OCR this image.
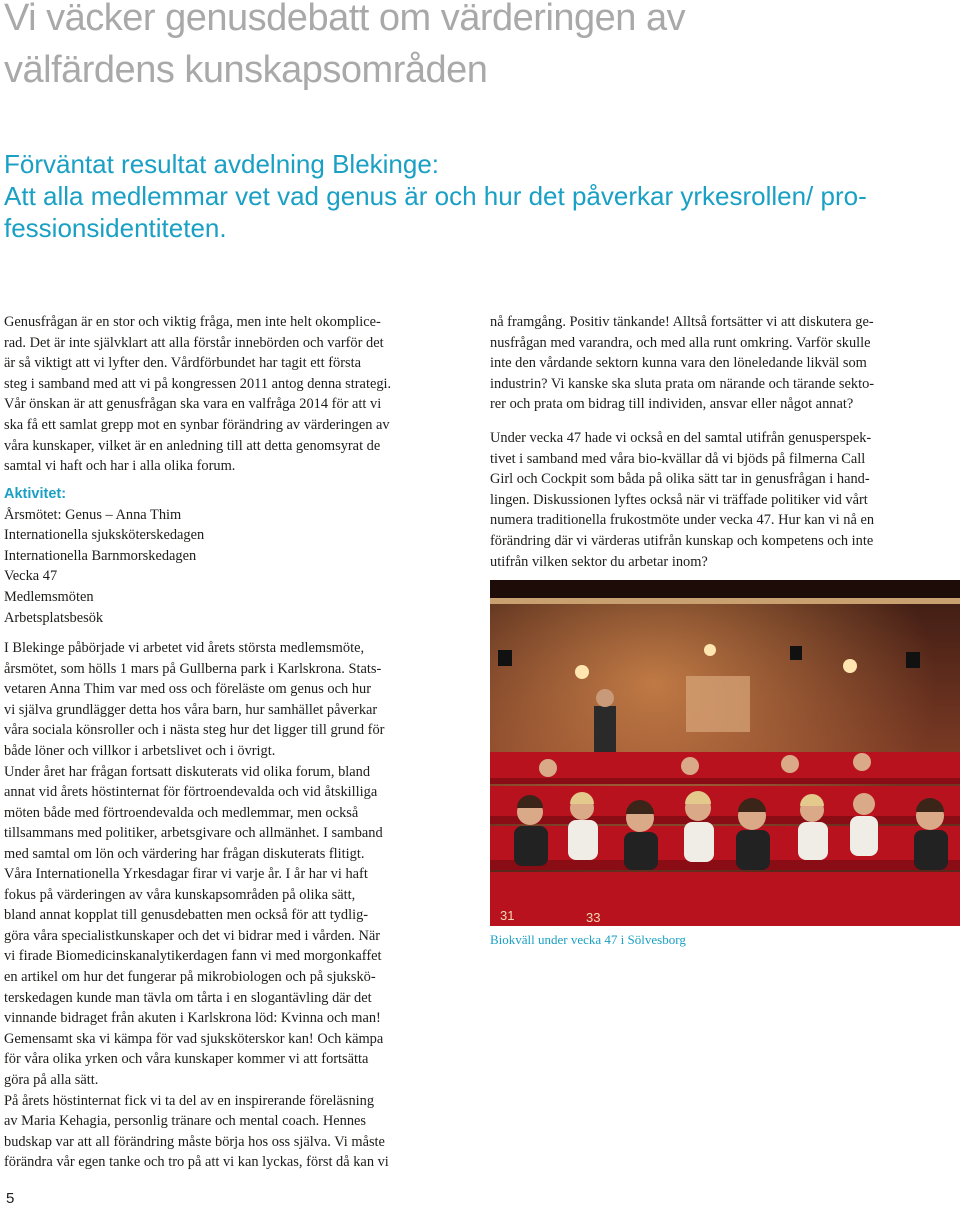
Vi väcker genusdebatt om värderingen av
välfärdens kunskapsområden
Förväntat resultat avdelning Blekinge:
Att alla medlemmar vet vad genus är och hur det påverkar yrkesrollen/ pro-
fessionsidentiteten.
Genusfrågan är en stor och viktig fråga, men inte helt okomplice-
rad. Det är inte självklart att alla förstår innebörden och varför det
är så viktigt att vi lyfter den. Vårdförbundet har tagit ett första
steg i samband med att vi på kongressen 2011 antog denna strategi.
Vår önskan är att genusfrågan ska vara en valfråga 2014 för att vi
ska få ett samlat grepp mot en synbar förändring av värderingen av
våra kunskaper, vilket är en anledning till att detta genomsyrat de
samtal vi haft och har i alla olika forum.
Aktivitet:
Årsmötet: Genus – Anna Thim
Internationella sjuksköterskedagen
Internationella Barnmorskedagen
Vecka 47
Medlemsmöten
Arbetsplatsbesök
I Blekinge påbörjade vi arbetet vid årets största medlemsmöte,
årsmötet, som hölls 1 mars på Gullberna park i Karlskrona. Stats-
vetaren Anna Thim var med oss och föreläste om genus och hur
vi själva grundlägger detta hos våra barn, hur samhället påverkar
våra sociala könsroller och i nästa steg hur det ligger till grund för
både löner och villkor i arbetslivet och i övrigt.
Under året har frågan fortsatt diskuterats vid olika forum, bland
annat vid årets höstinternat för förtroendevalda och vid åtskilliga
möten både med förtroendevalda och medlemmar, men också
tillsammans med politiker, arbetsgivare och allmänhet. I samband
med samtal om lön och värdering har frågan diskuterats flitigt.
Våra Internationella Yrkesdagar firar vi varje år. I år har vi haft
fokus på värderingen av våra kunskapsområden på olika sätt,
bland annat kopplat till genusdebatten men också för att tydlig-
göra våra specialistkunskaper och det vi bidrar med i vården. När
vi firade Biomedicinskanalytikerdagen fann vi med morgonkaffet
en artikel om hur det fungerar på mikrobiologen och på sjukskö-
terskedagen kunde man tävla om tårta i en slogantävling där det
vinnande bidraget från akuten i Karlskrona löd: Kvinna och man!
Gemensamt ska vi kämpa för vad sjuksköterskor kan! Och kämpa
för våra olika yrken och våra kunskaper kommer vi att fortsätta
göra på alla sätt.
På årets höstinternat fick vi ta del av en inspirerande föreläsning
av Maria Kehagia, personlig tränare och mental coach. Hennes
budskap var att all förändring måste börja hos oss själva. Vi måste
förändra vår egen tanke och tro på att vi kan lyckas, först då kan vi
nå framgång. Positiv tänkande! Alltså fortsätter vi att diskutera ge-
nusfrågan med varandra, och med alla runt omkring. Varför skulle
inte den vårdande sektorn kunna vara den löneledande likväl som
industrin? Vi kanske ska sluta prata om närande och tärande sekto-
rer och prata om bidrag till individen, ansvar eller något annat?
Under vecka 47 hade vi också en del samtal utifrån genusperspek-
tivet i samband med våra bio-kvällar då vi bjöds på filmerna Call
Girl och Cockpit som båda på olika sätt tar in genusfrågan i hand-
lingen. Diskussionen lyftes också när vi träffade politiker vid vårt
numera traditionella frukostmöte under vecka 47. Hur kan vi nå en
förändring där vi värderas utifrån kunskap och kompetens och inte
utifrån vilken sektor du arbetar inom?
31	33
Biokväll under vecka 47 i Sölvesborg
5
